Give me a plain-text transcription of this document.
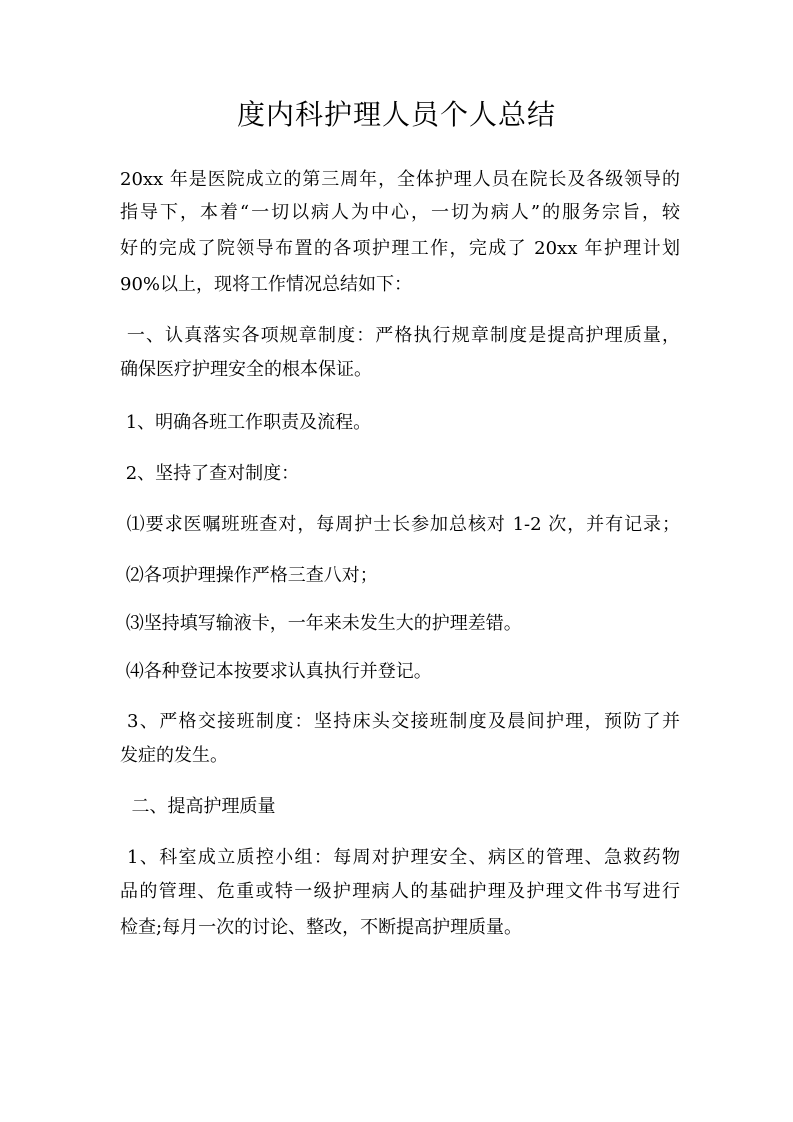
度内科护理人员个人总结
20xx 年是医院成立的第三周年，全体护理人员在院长及各级领导的
指导下，本着“一切以病人为中心，一切为病人”的服务宗旨，较
好的完成了院领导布置的各项护理工作，完成了 20xx 年护理计划
90%以上，现将工作情况总结如下：
一、认真落实各项规章制度：严格执行规章制度是提高护理质量，
确保医疗护理安全的根本保证。
1、明确各班工作职责及流程。
2、坚持了查对制度：
⑴要求医嘱班班查对，每周护士长参加总核对 1-2 次，并有记录；
⑵各项护理操作严格三查八对；
⑶坚持填写输液卡，一年来未发生大的护理差错。
⑷各种登记本按要求认真执行并登记。
3、严格交接班制度：坚持床头交接班制度及晨间护理，预防了并
发症的发生。
二、提高护理质量
1、科室成立质控小组：每周对护理安全、病区的管理、急救药物
品的管理、危重或特一级护理病人的基础护理及护理文件书写进行
检查;每月一次的讨论、整改，不断提高护理质量。
